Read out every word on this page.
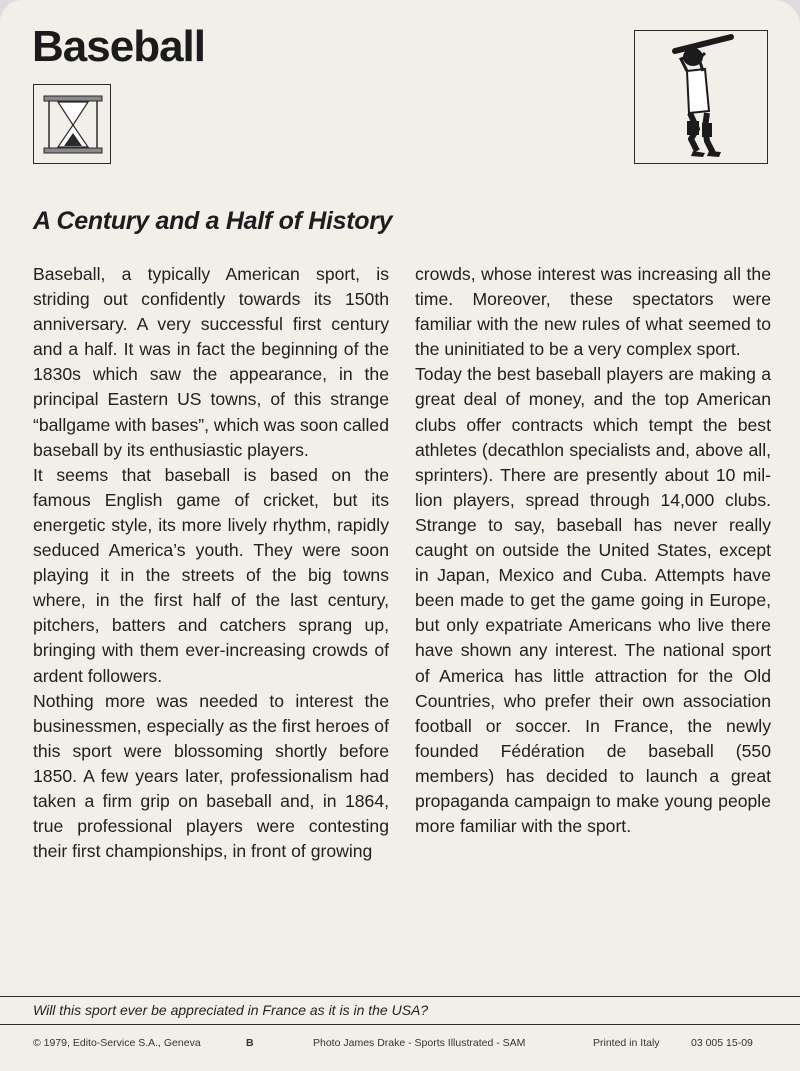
Baseball
A Century and a Half of History

Baseball, a typically American sport, is striding out confidently towards its 150th anniversary. A very successful first century and a half. It was in fact the beginning of the 1830s which saw the appearance, in the principal Eastern US towns, of this strange “ballgame with bases”, which was soon called baseball by its enthusiastic players.

It seems that baseball is based on the famous English game of cricket, but its energetic style, its more lively rhythm, rapidly seduced America’s youth. They were soon playing it in the streets of the big towns where, in the first half of the last century, pitchers, batters and catchers sprang up, bringing with them ever-increasing crowds of ardent followers.

Nothing more was needed to interest the businessmen, especially as the first heroes of this sport were blossoming shortly before 1850. A few years later, professionalism had taken a firm grip on baseball and, in 1864, true professional players were contesting their first championships, in front of growing

crowds, whose interest was increasing all the time. Moreover, these spectators were familiar with the new rules of what seemed to the uninitiated to be a very complex sport.

Today the best baseball players are making a great deal of money, and the top American clubs offer contracts which tempt the best athletes (decathlon specialists and, above all, sprinters). There are presently about 10 million players, spread through 14,000 clubs. Strange to say, baseball has never really caught on outside the United States, except in Japan, Mexico and Cuba. Attempts have been made to get the game going in Europe, but only expatriate Americans who live there have shown any interest. The national sport of America has little attraction for the Old Countries, who prefer their own association football or soccer. In France, the newly founded Fédération de baseball (550 members) has decided to launch a great propaganda campaign to make young people more familiar with the sport.

Will this sport ever be appreciated in France as it is in the USA?

© 1979, Edito-Service S.A., Geneva	B	Photo James Drake - Sports Illustrated - SAM	Printed in Italy	03 005 15-09
